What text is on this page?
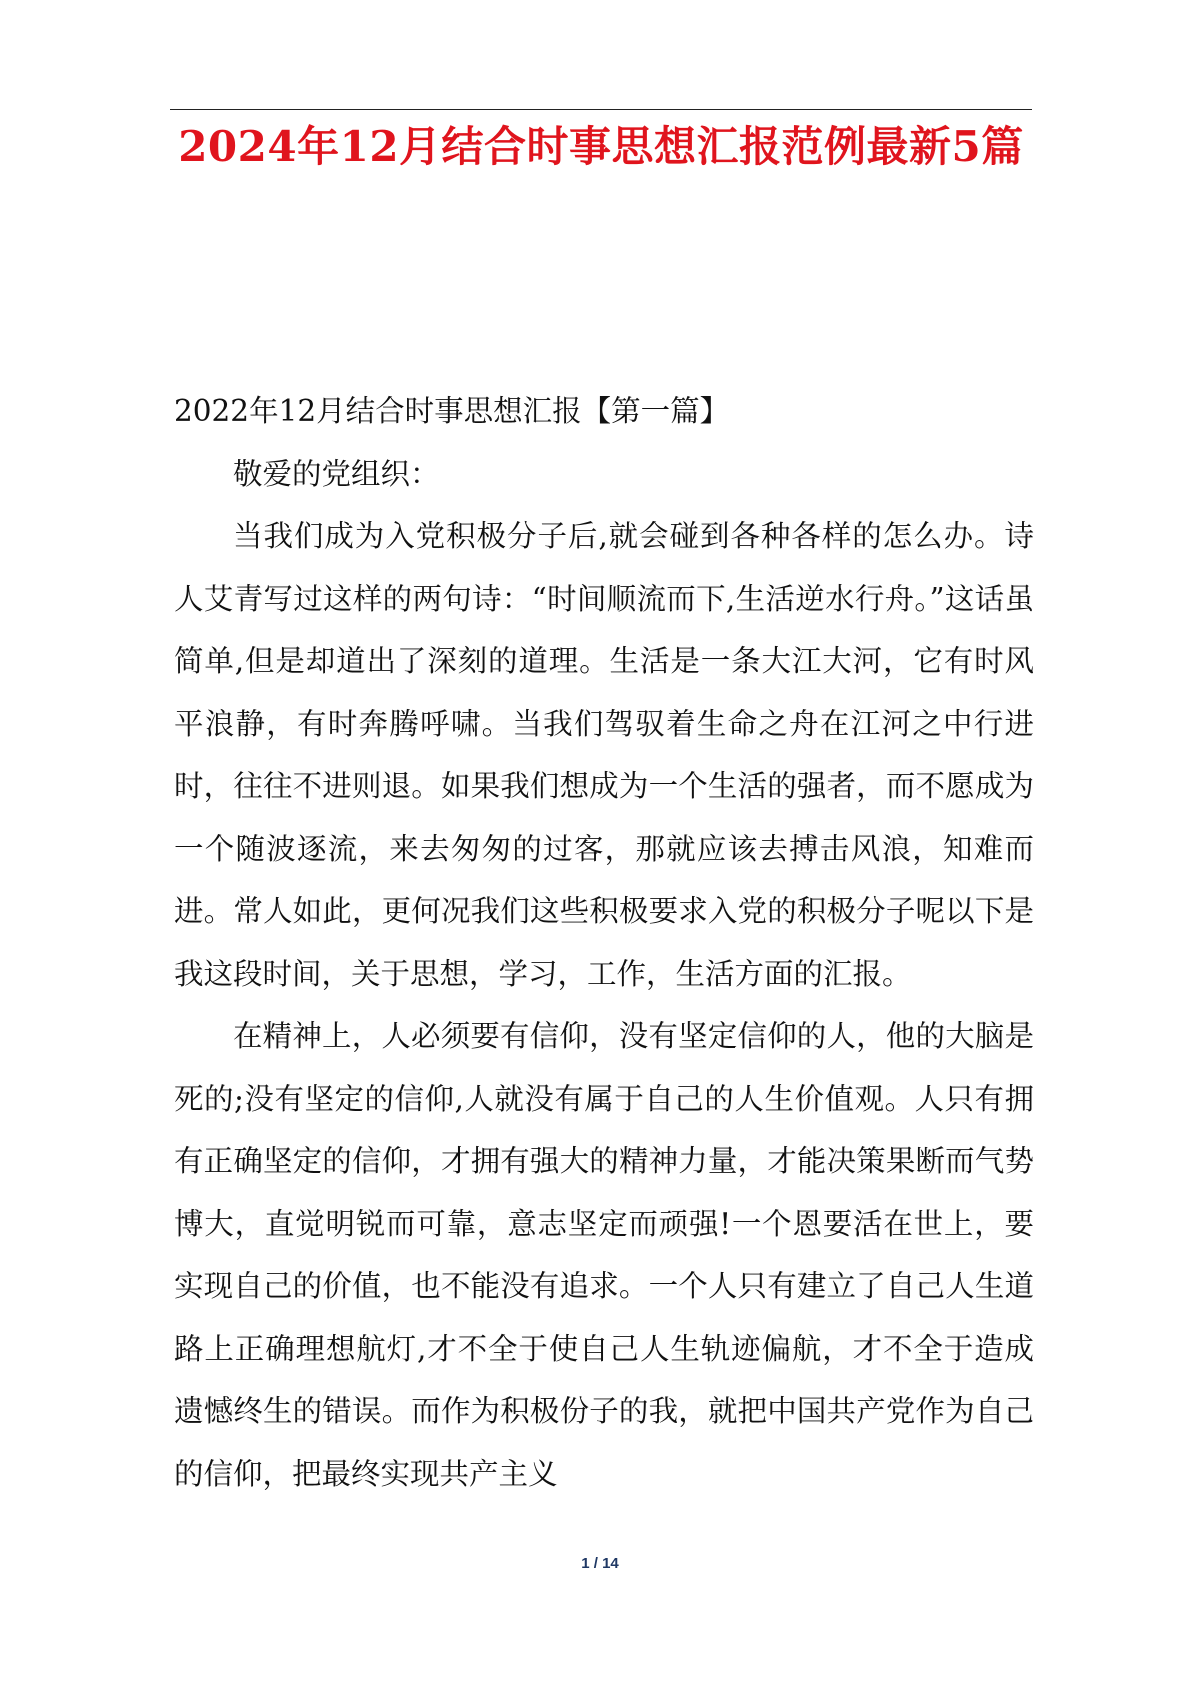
2024年12月结合时事思想汇报范例最新5篇

2022年12月结合时事思想汇报【第一篇】

敬爱的党组织：

当我们成为入党积极分子后,就会碰到各种各样的怎么办。诗人艾青写过这样的两句诗：“时间顺流而下,生活逆水行舟。”这话虽简单,但是却道出了深刻的道理。生活是一条大江大河，它有时风平浪静，有时奔腾呼啸。当我们驾驭着生命之舟在江河之中行进时，往往不进则退。如果我们想成为一个生活的强者，而不愿成为一个随波逐流，来去匆匆的过客，那就应该去搏击风浪，知难而进。常人如此，更何况我们这些积极要求入党的积极分子呢以下是我这段时间，关于思想，学习，工作，生活方面的汇报。

在精神上，人必须要有信仰，没有坚定信仰的人，他的大脑是死的;没有坚定的信仰,人就没有属于自己的人生价值观。人只有拥有正确坚定的信仰，才拥有强大的精神力量，才能决策果断而气势博大，直觉明锐而可靠，意志坚定而顽强!一个恩要活在世上，要实现自己的价值，也不能没有追求。一个人只有建立了自己人生道路上正确理想航灯,才不全于使自己人生轨迹偏航，才不全于造成遗憾终生的错误。而作为积极份子的我，就把中国共产党作为自己的信仰，把最终实现共产主义

1 / 14
